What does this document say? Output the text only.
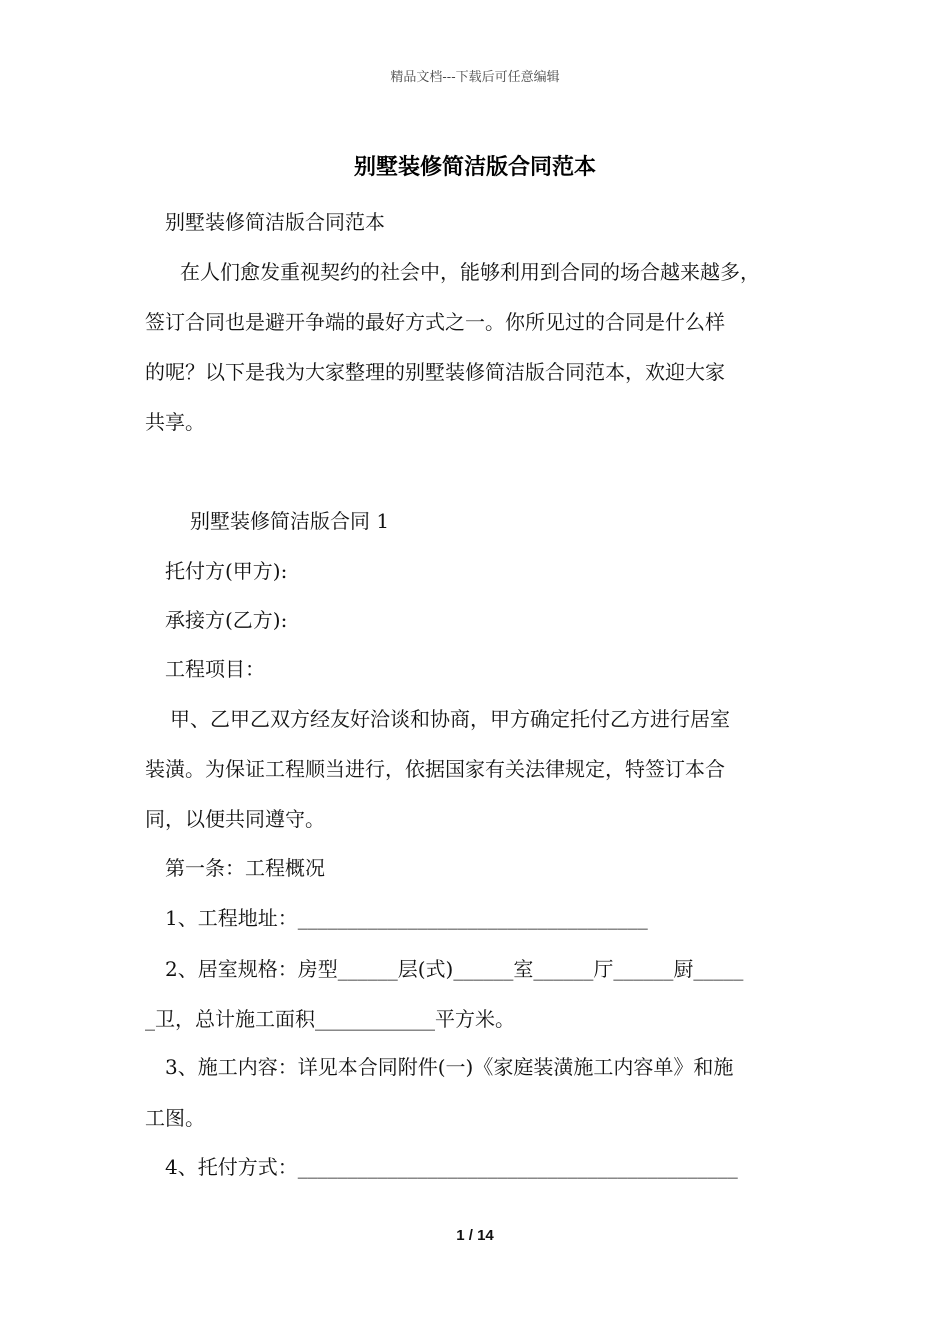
精品文档---下载后可任意编辑
别墅装修简洁版合同范本
别墅装修简洁版合同范本
在人们愈发重视契约的社会中，能够利用到合同的场合越来越多，
签订合同也是避开争端的最好方式之一。你所见过的合同是什么样
的呢？以下是我为大家整理的别墅装修简洁版合同范本，欢迎大家
共享。
别墅装修简洁版合同 1
托付方(甲方):
承接方(乙方):
工程项目：
甲、乙甲乙双方经友好洽谈和协商，甲方确定托付乙方进行居室
装潢。为保证工程顺当进行，依据国家有关法律规定，特签订本合
同，以便共同遵守。
第一条：工程概况
1、工程地址：___________________________________
2、居室规格：房型______层(式)______室______厅______厨_____
_卫，总计施工面积____________平方米。
3、施工内容：详见本合同附件(一)《家庭装潢施工内容单》和施
工图。
4、托付方式：____________________________________________
1 / 14
